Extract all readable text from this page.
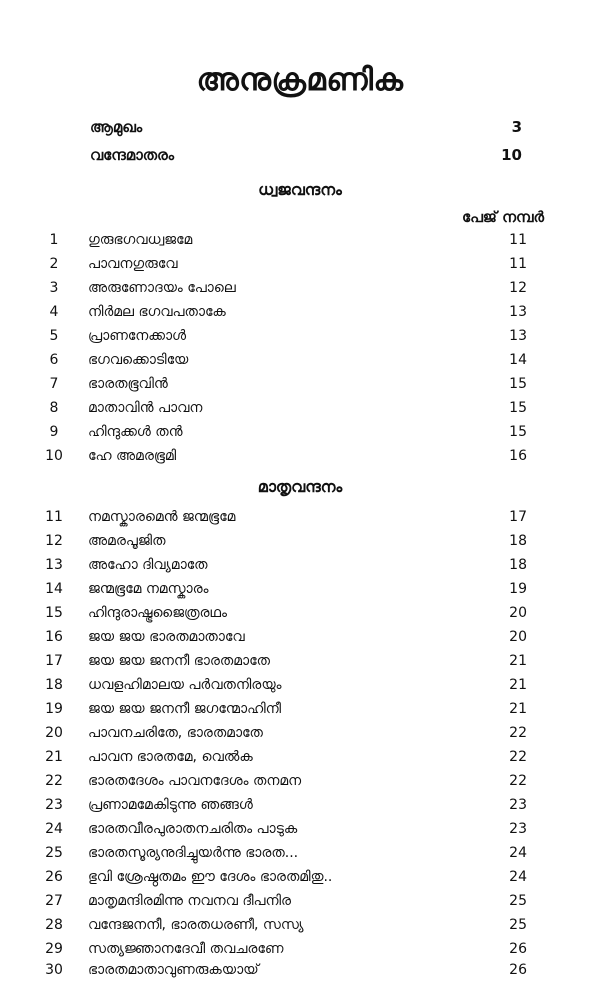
അനുക്രമണിക
ആമുഖം	3
വന്ദേമാതരം	10
ധ്വജവന്ദനം
പേജ് നമ്പർ
1	ഗുരുഭഗവധ്വജമേ	11
2	പാവനഗുരുവേ	11
3	അരുണോദയം പോലെ	12
4	നിർമല ഭഗവപതാകേ	13
5	പ്രാണനേക്കാൾ	13
6	ഭഗവക്കൊടിയേ	14
7	ഭാരതഭൂവിൻ	15
8	മാതാവിൻ പാവന	15
9	ഹിന്ദുക്കൾ തൻ	15
10	ഹേ അമരഭൂമി	16
മാതൃവന്ദനം
11	നമസ്കാരമെൻ ജന്മഭൂമേ	17
12	അമരപൂജിത	18
13	അഹോ ദിവ്യമാതേ	18
14	ജന്മഭൂമേ നമസ്കാരം	19
15	ഹിന്ദുരാഷ്ട്രജൈത്രരഥം	20
16	ജയ ജയ ഭാരതമാതാവേ	20
17	ജയ ജയ ജനനീ ഭാരതമാതേ	21
18	ധവളഹിമാലയ പർവതനിരയും	21
19	ജയ ജയ ജനനീ ജഗന്മോഹിനീ	21
20	പാവനചരിതേ, ഭാരതമാതേ	22
21	പാവന ഭാരതമേ, വെൽക	22
22	ഭാരതദേശം പാവനദേശം തനമന	22
23	പ്രണാമമേകിടുന്നു ഞങ്ങൾ	23
24	ഭാരതവീരപുരാതനചരിതം പാടുക	23
25	ഭാരതസൂര്യനുദിച്ചുയർന്നു ഭാരത...	24
26	ഭുവി ശ്രേഷ്ഠതമം ഈ ദേശം ഭാരതമിതു..	24
27	മാതൃമന്ദിരമിന്നു നവനവ ദീപനിര	25
28	വന്ദേജനനീ, ഭാരതധരണീ, സസ്യ	25
29	സത്യജ്ഞാനദേവീ തവചരണേ	26
30	ഭാരതമാതാവുണരുകയായ്	26
